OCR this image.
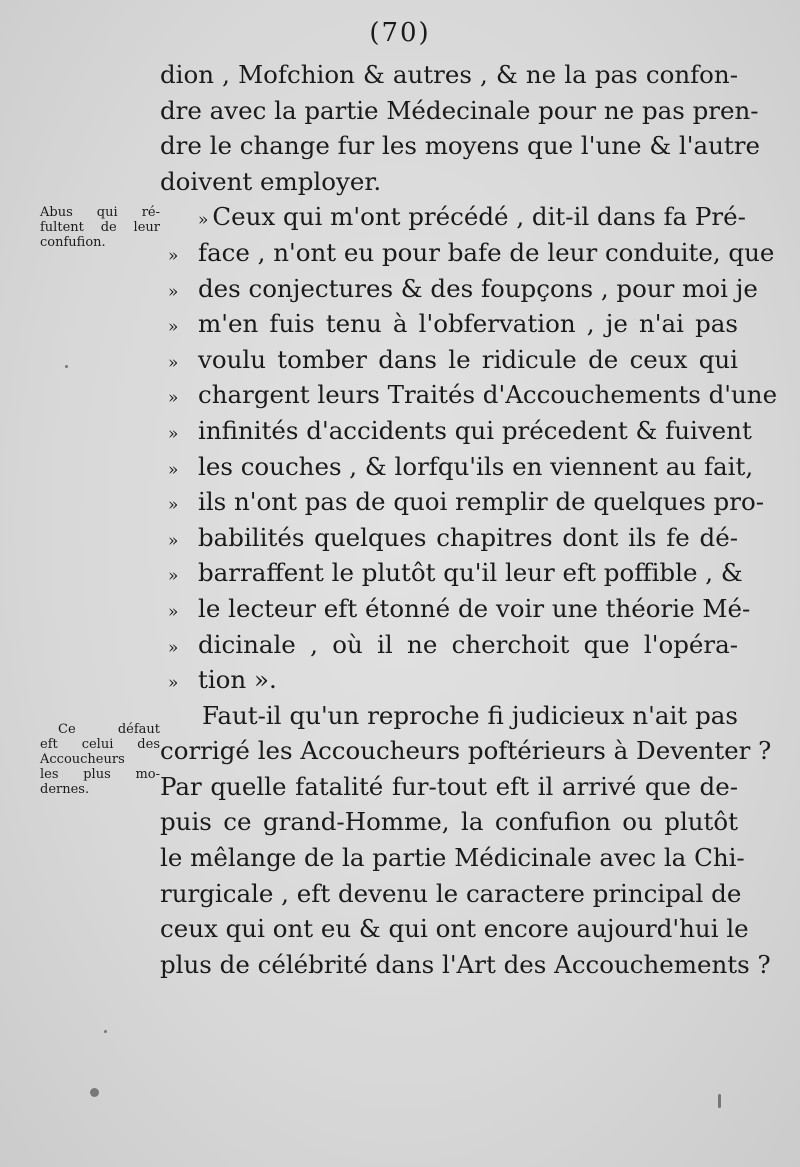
(70)
Abus qui ré-
fultent de leur
confufion.
Ce défaut
eft celui des
Accoucheurs
les plus mo-
dernes.
dion , Mofchion & autres , & ne la pas confon-
dre avec la partie Médecinale pour ne pas pren-
dre le change fur les moyens que l'une & l'autre
doivent employer.
» Ceux qui m'ont précédé , dit-il dans fa Pré-
» face , n'ont eu pour bafe de leur conduite, que
» des conjectures & des foupçons , pour moi je
» m'en fuis tenu à l'obfervation , je n'ai pas
» voulu tomber dans le ridicule de ceux qui
» chargent leurs Traités d'Accouchements d'une
» infinités d'accidents qui précedent & fuivent
» les couches , & lorfqu'ils en viennent au fait,
» ils n'ont pas de quoi remplir de quelques pro-
» babilités quelques chapitres dont ils fe dé-
» barraffent le plutôt qu'il leur eft poffible , &
» le lecteur eft étonné de voir une théorie Mé-
» dicinale , où il ne cherchoit que l'opéra-
» tion ».
Faut-il qu'un reproche fi judicieux n'ait pas
corrigé les Accoucheurs poftérieurs à Deventer ?
Par quelle fatalité fur-tout eft il arrivé que de-
puis ce grand-Homme, la confufion ou plutôt
le mêlange de la partie Médicinale avec la Chi-
rurgicale , eft devenu le caractere principal de
ceux qui ont eu & qui ont encore aujourd'hui le
plus de célébrité dans l'Art des Accouchements ?
